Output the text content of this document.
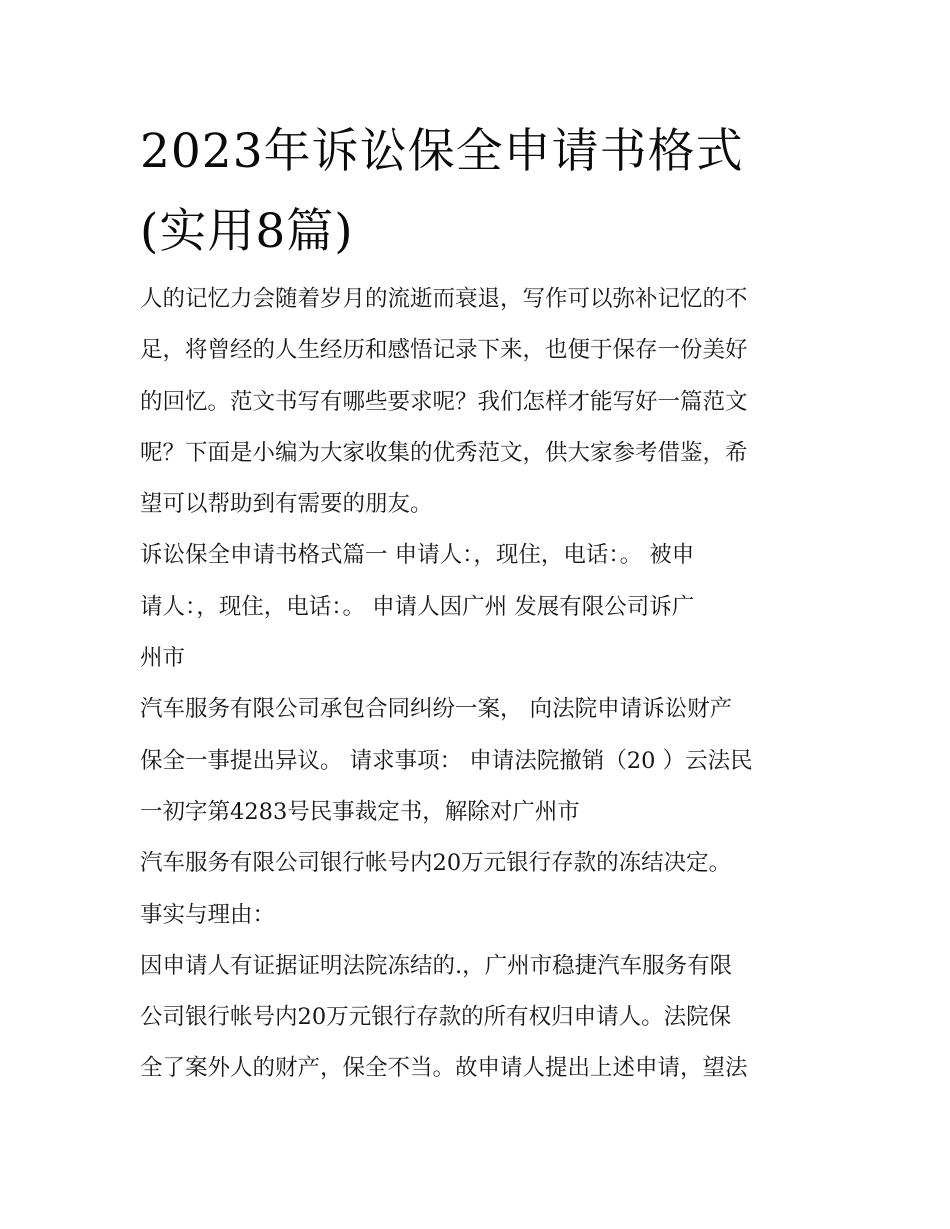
2023年诉讼保全申请书格式
(实用8篇)
人的记忆力会随着岁月的流逝而衰退，写作可以弥补记忆的不
足，将曾经的人生经历和感悟记录下来，也便于保存一份美好
的回忆。范文书写有哪些要求呢？我们怎样才能写好一篇范文
呢？下面是小编为大家收集的优秀范文，供大家参考借鉴，希
望可以帮助到有需要的朋友。
诉讼保全申请书格式篇一 申请人：，现住，电话：。 被申
请人：，现住，电话：。 申请人因广州 发展有限公司诉广
州市
汽车服务有限公司承包合同纠纷一案， 向法院申请诉讼财产
保全一事提出异议。 请求事项： 申请法院撤销（20 ）云法民
一初字第4283号民事裁定书，解除对广州市
汽车服务有限公司银行帐号内20万元银行存款的冻结决定。
事实与理由：
因申请人有证据证明法院冻结的.，广州市稳捷汽车服务有限
公司银行帐号内20万元银行存款的所有权归申请人。法院保
全了案外人的财产，保全不当。故申请人提出上述申请，望法
